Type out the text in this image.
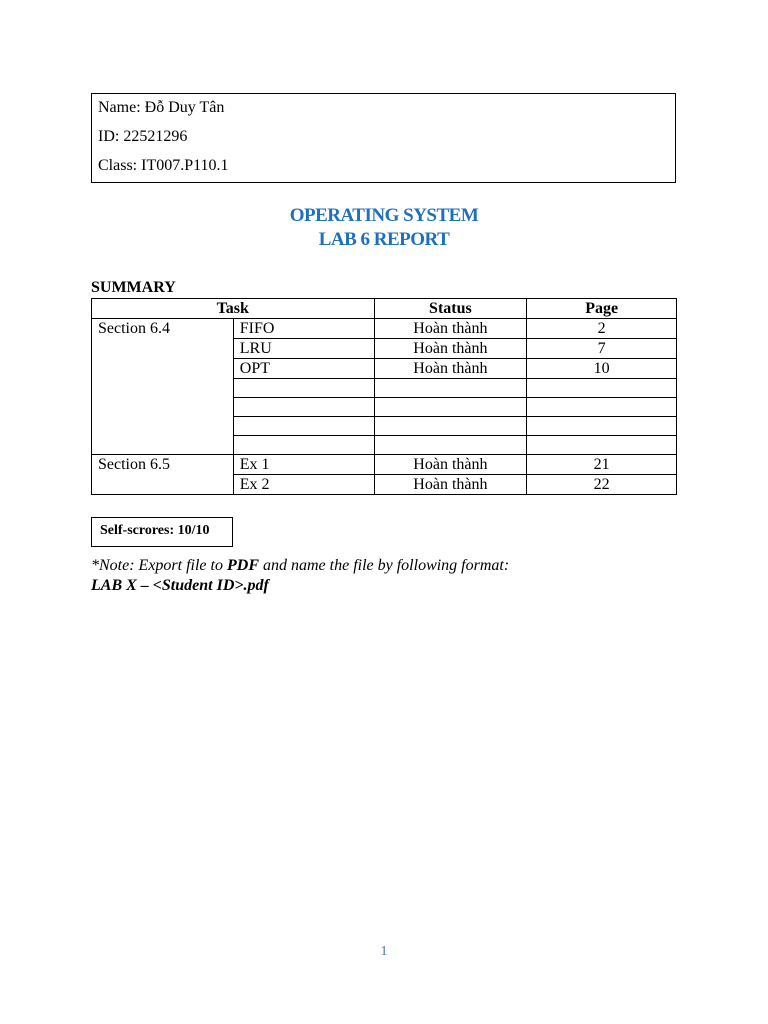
Name: Đỗ Duy Tân
ID: 22521296
Class: IT007.P110.1
OPERATING SYSTEM
LAB 6 REPORT
SUMMARY
Task		Status	Page
Section 6.4	FIFO	Hoàn thành	2
	LRU	Hoàn thành	7
	OPT	Hoàn thành	10

Section 6.5	Ex 1	Hoàn thành	21
	Ex 2	Hoàn thành	22
Self-scrores: 10/10
*Note: Export file to PDF and name the file by following format:
LAB X – <Student ID>.pdf
1
